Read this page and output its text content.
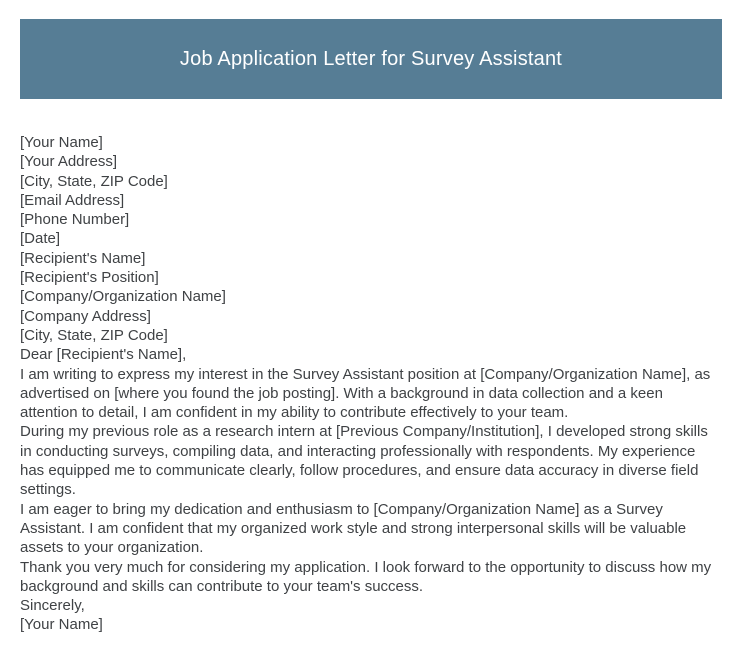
Job Application Letter for Survey Assistant
[Your Name]
[Your Address]
[City, State, ZIP Code]
[Email Address]
[Phone Number]
[Date]
[Recipient's Name]
[Recipient's Position]
[Company/Organization Name]
[Company Address]
[City, State, ZIP Code]
Dear [Recipient's Name],

I am writing to express my interest in the Survey Assistant position at [Company/Organization Name], as advertised on [where you found the job posting]. With a background in data collection and a keen attention to detail, I am confident in my ability to contribute effectively to your team.

During my previous role as a research intern at [Previous Company/Institution], I developed strong skills in conducting surveys, compiling data, and interacting professionally with respondents. My experience has equipped me to communicate clearly, follow procedures, and ensure data accuracy in diverse field settings.

I am eager to bring my dedication and enthusiasm to [Company/Organization Name] as a Survey Assistant. I am confident that my organized work style and strong interpersonal skills will be valuable assets to your organization.

Thank you very much for considering my application. I look forward to the opportunity to discuss how my background and skills can contribute to your team's success.

Sincerely,
[Your Name]
